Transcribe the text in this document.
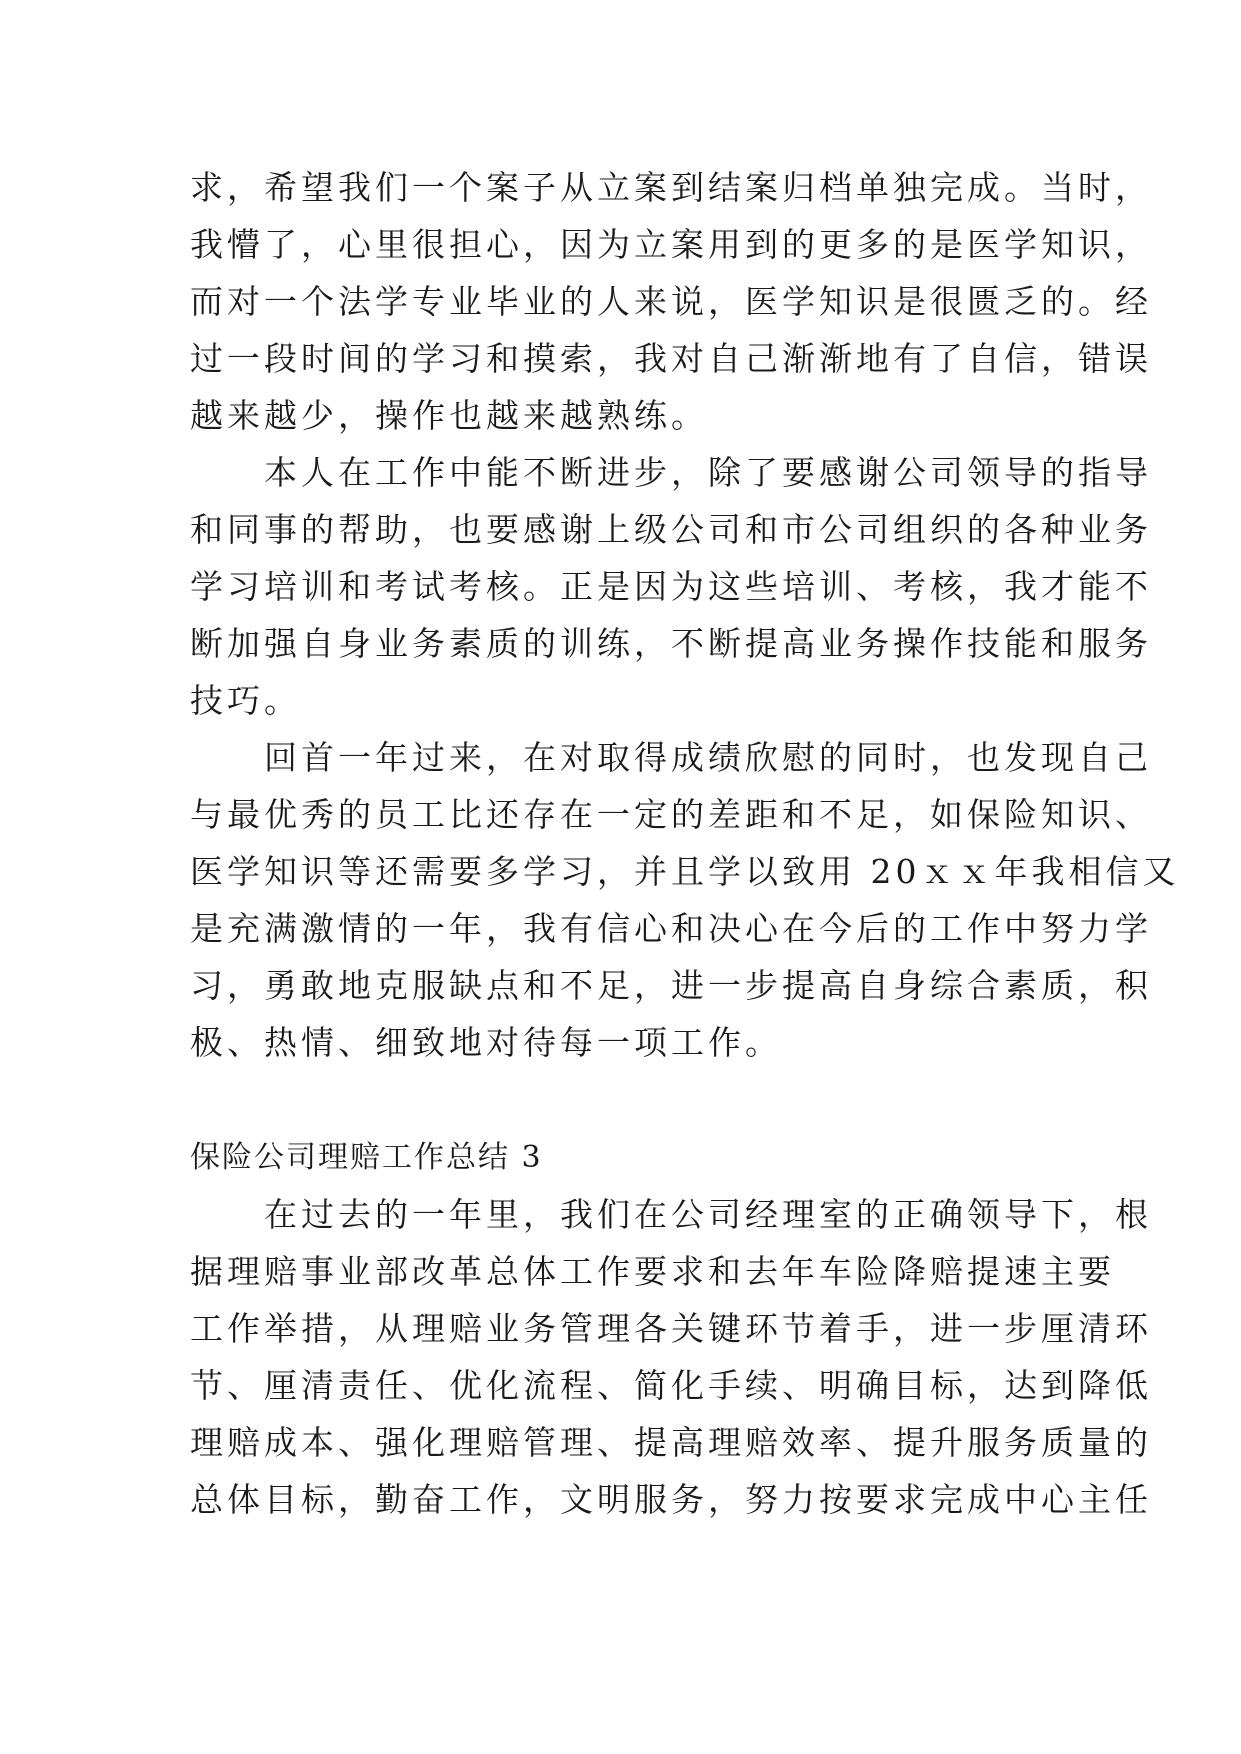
求，希望我们一个案子从立案到结案归档单独完成。当时，
我懵了，心里很担心，因为立案用到的更多的是医学知识，
而对一个法学专业毕业的人来说，医学知识是很匮乏的。经
过一段时间的学习和摸索，我对自己渐渐地有了自信，错误
越来越少，操作也越来越熟练。
　　本人在工作中能不断进步，除了要感谢公司领导的指导
和同事的帮助，也要感谢上级公司和市公司组织的各种业务
学习培训和考试考核。正是因为这些培训、考核，我才能不
断加强自身业务素质的训练，不断提高业务操作技能和服务
技巧。
　　回首一年过来，在对取得成绩欣慰的同时，也发现自己
与最优秀的员工比还存在一定的差距和不足，如保险知识、
医学知识等还需要多学习，并且学以致用 20ｘｘ年我相信又
是充满激情的一年，我有信心和决心在今后的工作中努力学
习，勇敢地克服缺点和不足，进一步提高自身综合素质，积
极、热情、细致地对待每一项工作。
保险公司理赔工作总结 3
　　在过去的一年里，我们在公司经理室的正确领导下，根
据理赔事业部改革总体工作要求和去年车险降赔提速主要
工作举措，从理赔业务管理各关键环节着手，进一步厘清环
节、厘清责任、优化流程、简化手续、明确目标，达到降低
理赔成本、强化理赔管理、提高理赔效率、提升服务质量的
总体目标，勤奋工作，文明服务，努力按要求完成中心主任
